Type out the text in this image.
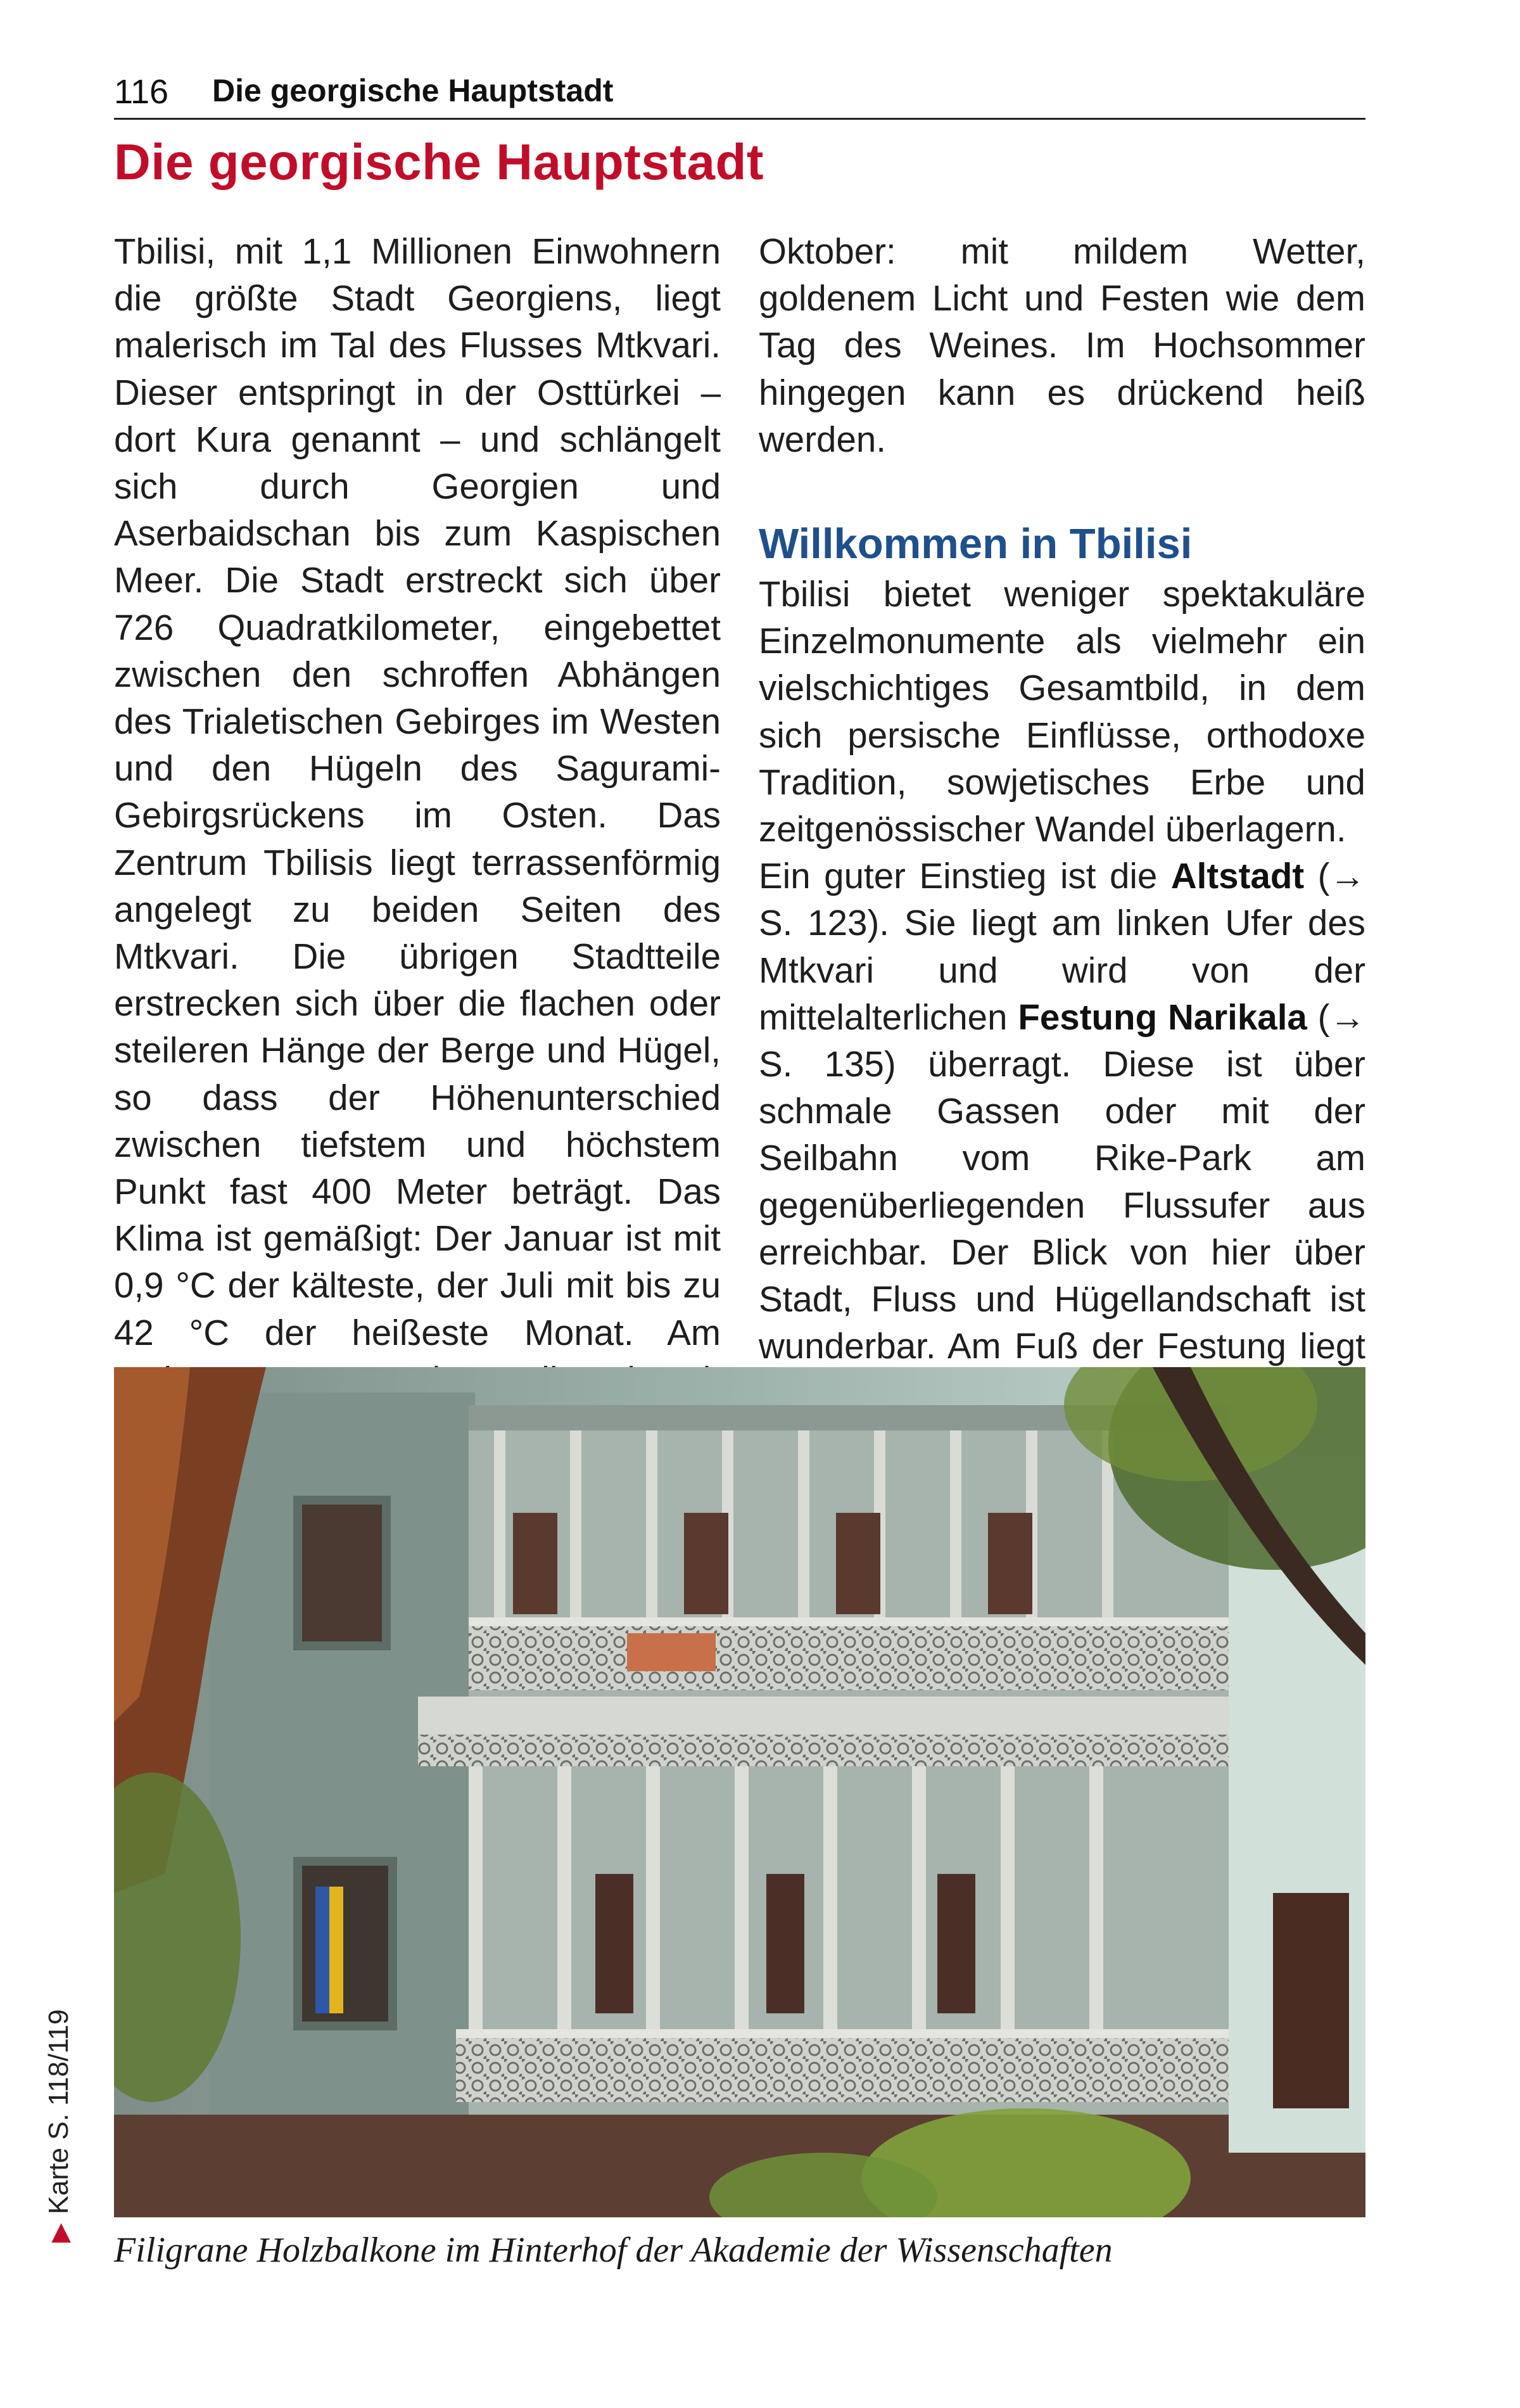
116 Die georgische Hauptstadt
Die georgische Hauptstadt

Tbilisi, mit 1,1 Millionen Einwohnern die größte Stadt Georgiens, liegt malerisch im Tal des Flusses Mtkvari. Dieser entspringt in der Osttürkei – dort Kura genannt – und schlängelt sich durch Georgien und Aserbaidschan bis zum Kaspischen Meer. Die Stadt erstreckt sich über 726 Quadratkilometer, eingebettet zwischen den schroffen Abhängen des Trialetischen Gebirges im Westen und den Hügeln des Sagurami-Gebirgsrückens im Osten. Das Zentrum Tbilisis liegt terrassenförmig angelegt zu beiden Seiten des Mtkvari. Die übrigen Stadtteile erstrecken sich über die flachen oder steileren Hänge der Berge und Hügel, so dass der Höhenunterschied zwischen tiefstem und höchstem Punkt fast 400 Meter beträgt. Das Klima ist gemäßigt: Der Januar ist mit 0,9 °C der kälteste, der Juli mit bis zu 42 °C der heißeste Monat. Am

Oktober: mit mildem Wetter, goldenem Licht und Festen wie dem Tag des Weines. Im Hochsommer hingegen kann es drückend heiß werden.

Willkommen in Tbilisi

Tbilisi bietet weniger spektakuläre Einzelmonumente als vielmehr ein vielschichtiges Gesamtbild, in dem sich persische Einflüsse, orthodoxe Tradition, sowjetisches Erbe und zeitgenössischer Wandel überlagern.

Ein guter Einstieg ist die Altstadt (→ S. 123). Sie liegt am linken Ufer des Mtkvari und wird von der mittelalterlichen Festung Narikala (→ S. 135) überragt. Diese ist über schmale Gassen oder mit der Seilbahn vom Rike-Park am gegenüberliegenden Flussufer aus erreichbar. Der Blick von hier über Stadt, Fluss und Hügellandschaft ist wunderbar. Am Fuß der Festung liegt

Filigrane Holzbalkone im Hinterhof der Akademie der Wissenschaften
▶Karte S. 118/119
